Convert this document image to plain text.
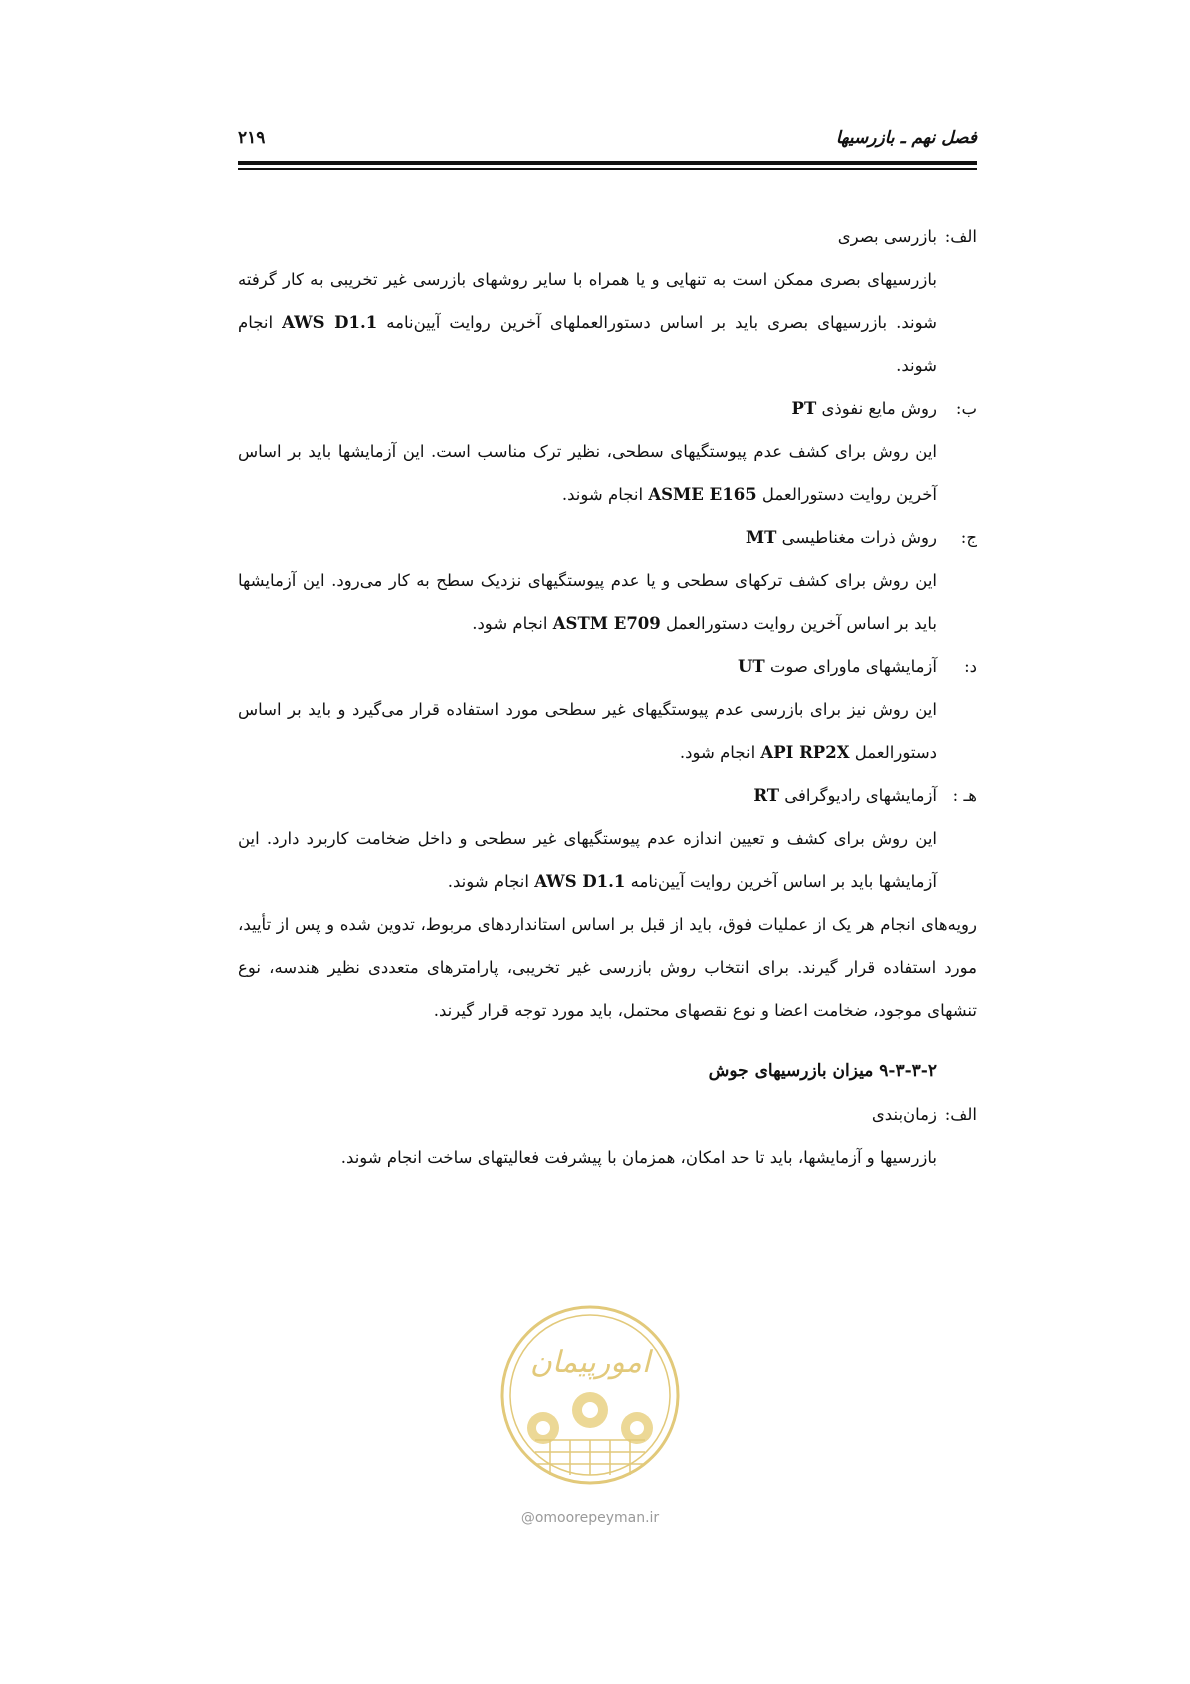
فصل نهم ـ بازرسیها
۲۱۹
الف:بازرسی بصری
بازرسیهای بصری ممکن است به تنهایی و یا همراه با سایر روشهای بازرسی غیر تخریبی به کار گرفته شوند. بازرسیهای بصری باید بر اساس دستورالعملهای آخرین روایت آیین‌نامه AWS D1.1 انجام شوند.
ب:روش مایع نفوذی PT
این روش برای کشف عدم پیوستگیهای سطحی، نظیر ترک مناسب است. این آزمایشها باید بر اساس آخرین روایت دستورالعمل ASME E165 انجام شوند.
ج:روش ذرات مغناطیسی MT
این روش برای کشف ترکهای سطحی و یا عدم پیوستگیهای نزدیک سطح به کار می‌رود. این آزمایشها باید بر اساس آخرین روایت دستورالعمل ASTM E709 انجام شود.
د:آزمایشهای ماورای صوت UT
این روش نیز برای بازرسی عدم پیوستگیهای غیر سطحی مورد استفاده قرار می‌گیرد و باید بر اساس دستورالعمل API RP2X انجام شود.
هـ :آزمایشهای رادیوگرافی RT
این روش برای کشف و تعیین اندازه عدم پیوستگیهای غیر سطحی و داخل ضخامت کاربرد دارد. این آزمایشها باید بر اساس آخرین روایت آیین‌نامه AWS D1.1 انجام شوند.
رویه‌های انجام هر یک از عملیات فوق، باید از قبل بر اساس استانداردهای مربوط، تدوین شده و پس از تأیید، مورد استفاده قرار گیرند. برای انتخاب روش بازرسی غیر تخریبی، پارامترهای متعددی نظیر هندسه، نوع تنشهای موجود، ضخامت اعضا و نوع نقصهای محتمل، باید مورد توجه قرار گیرند.
۹-۳-۳-۲ میزان بازرسیهای جوش
الف:زمان‌بندی
بازرسیها و آزمایشها، باید تا حد امکان، همزمان با پیشرفت فعالیتهای ساخت انجام شوند.
امورپیمان
@omoorepeyman.ir
